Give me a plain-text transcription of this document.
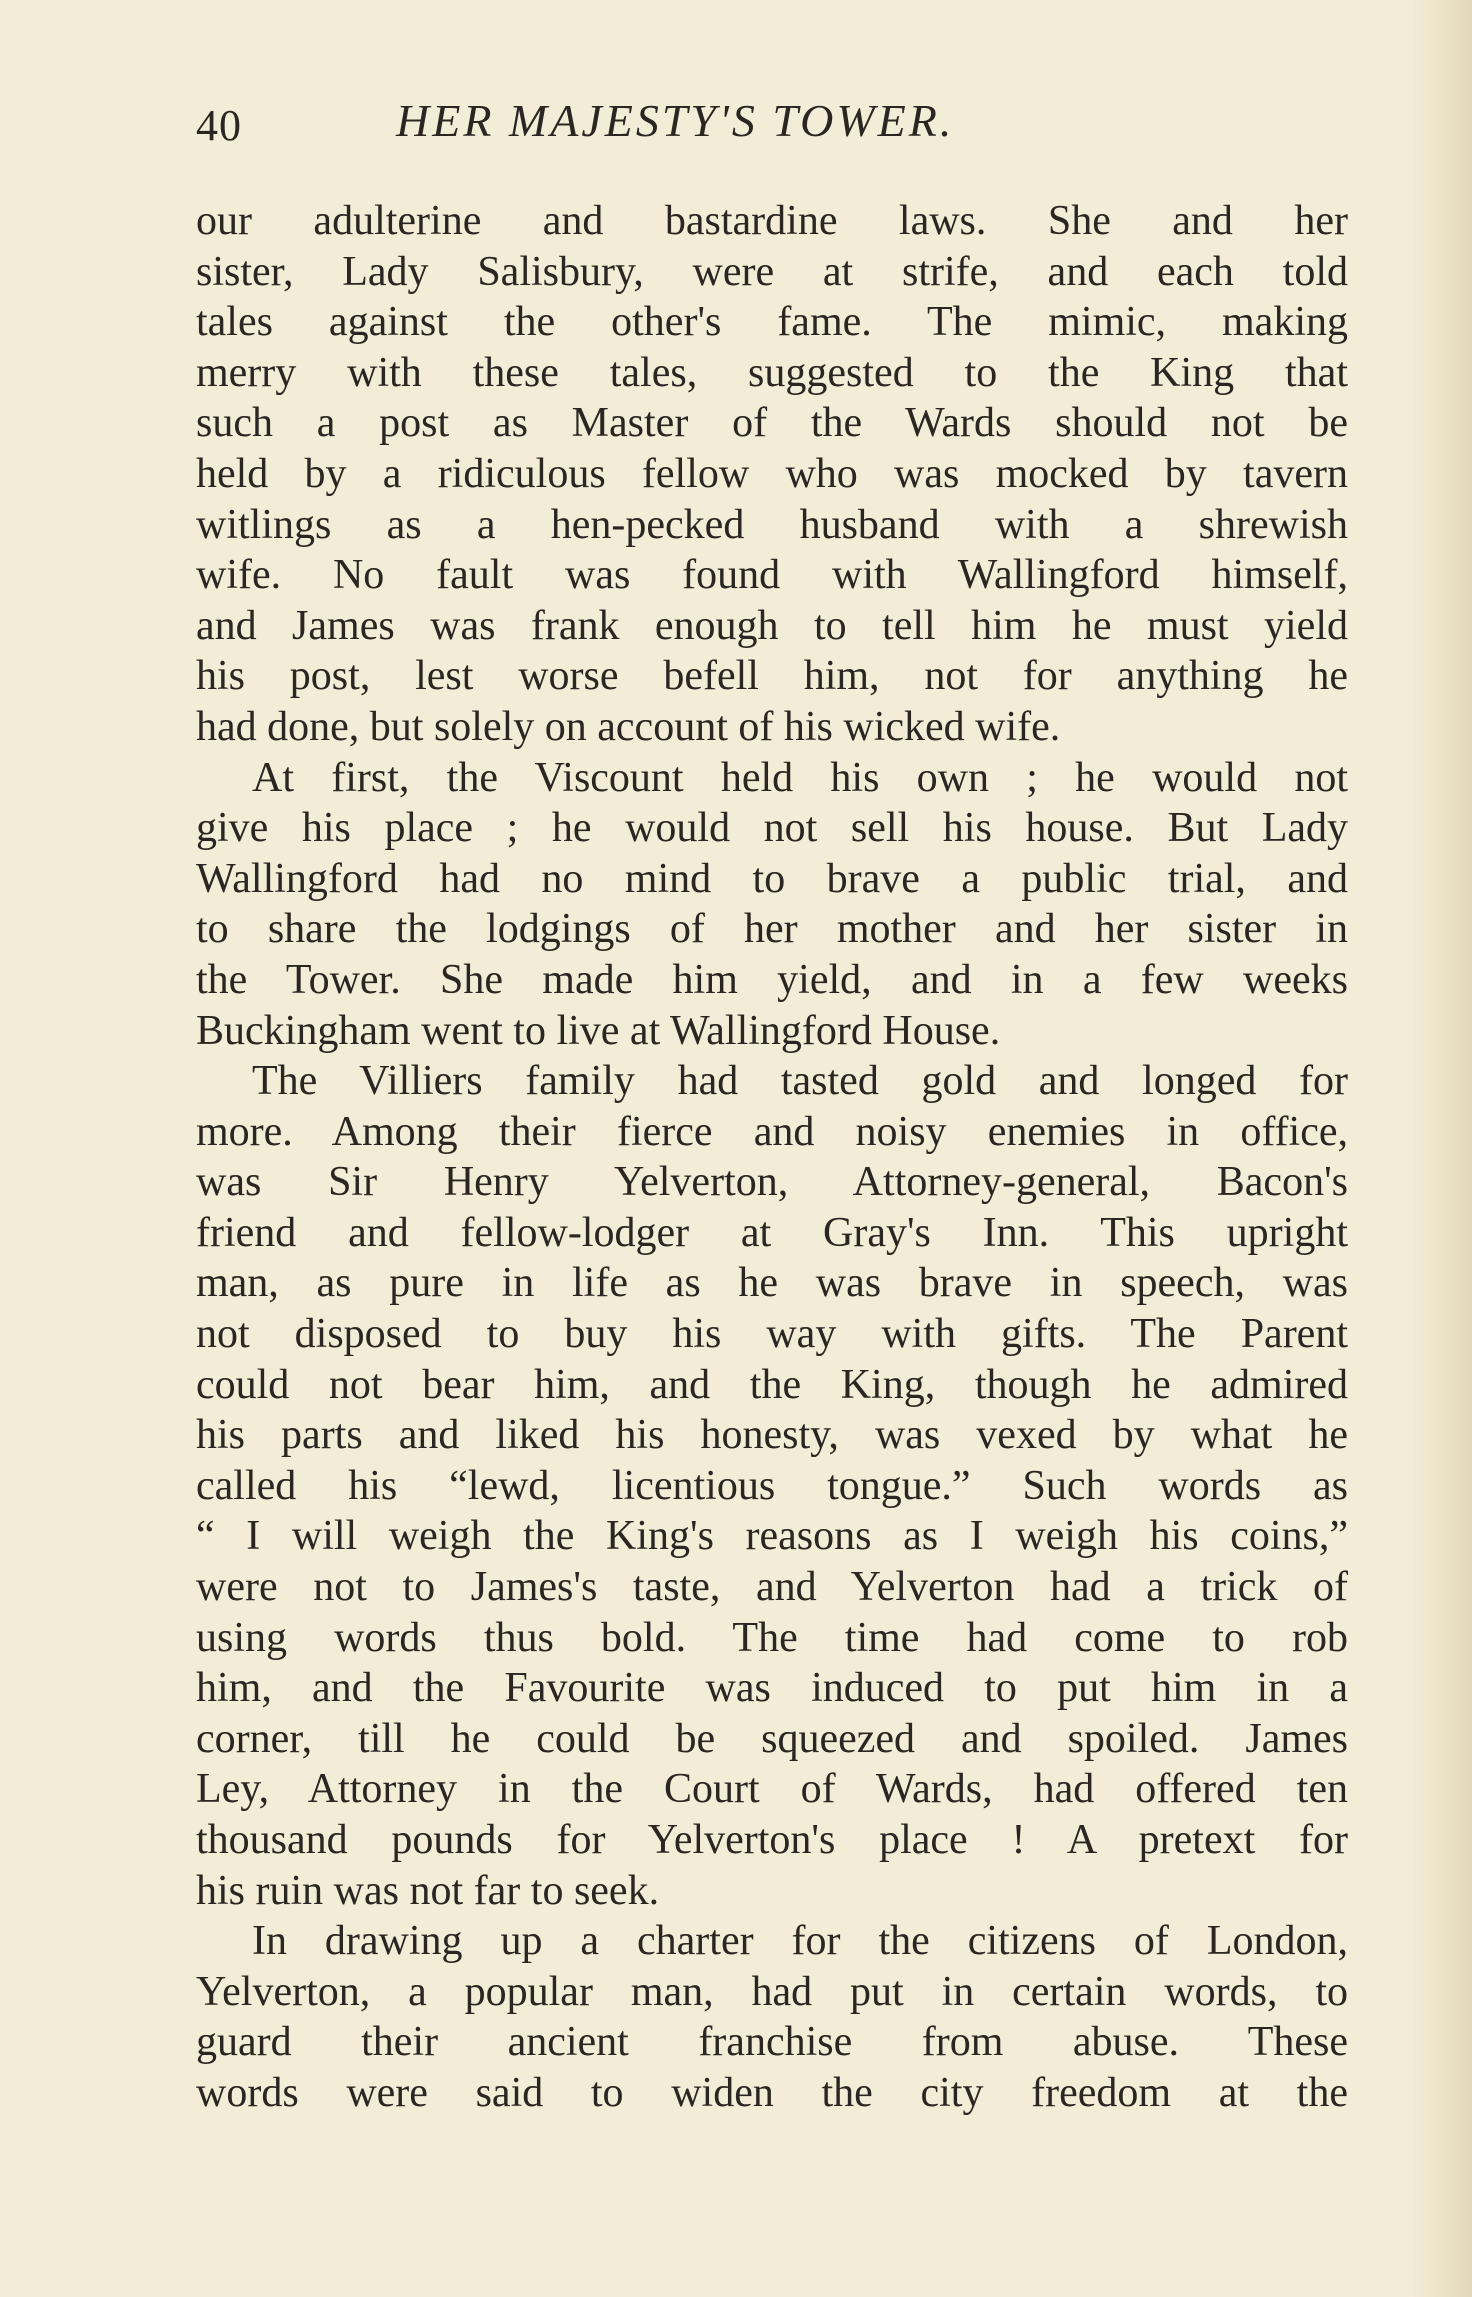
40	HER MAJESTY'S TOWER.
our adulterine and bastardine laws. She and her
sister, Lady Salisbury, were at strife, and each told
tales against the other's fame. The mimic, making
merry with these tales, suggested to the King that
such a post as Master of the Wards should not be
held by a ridiculous fellow who was mocked by tavern
witlings as a hen-pecked husband with a shrewish
wife. No fault was found with Wallingford himself,
and James was frank enough to tell him he must yield
his post, lest worse befell him, not for anything he
had done, but solely on account of his wicked wife.
At first, the Viscount held his own ; he would not
give his place ; he would not sell his house. But Lady
Wallingford had no mind to brave a public trial, and
to share the lodgings of her mother and her sister in
the Tower. She made him yield, and in a few weeks
Buckingham went to live at Wallingford House.
The Villiers family had tasted gold and longed for
more. Among their fierce and noisy enemies in office,
was Sir Henry Yelverton, Attorney-general, Bacon's
friend and fellow-lodger at Gray's Inn. This upright
man, as pure in life as he was brave in speech, was
not disposed to buy his way with gifts. The Parent
could not bear him, and the King, though he admired
his parts and liked his honesty, was vexed by what he
called his “lewd, licentious tongue.” Such words as
“ I will weigh the King's reasons as I weigh his coins,”
were not to James's taste, and Yelverton had a trick of
using words thus bold. The time had come to rob
him, and the Favourite was induced to put him in a
corner, till he could be squeezed and spoiled. James
Ley, Attorney in the Court of Wards, had offered ten
thousand pounds for Yelverton's place ! A pretext for
his ruin was not far to seek.
In drawing up a charter for the citizens of London,
Yelverton, a popular man, had put in certain words, to
guard their ancient franchise from abuse. These
words were said to widen the city freedom at the
